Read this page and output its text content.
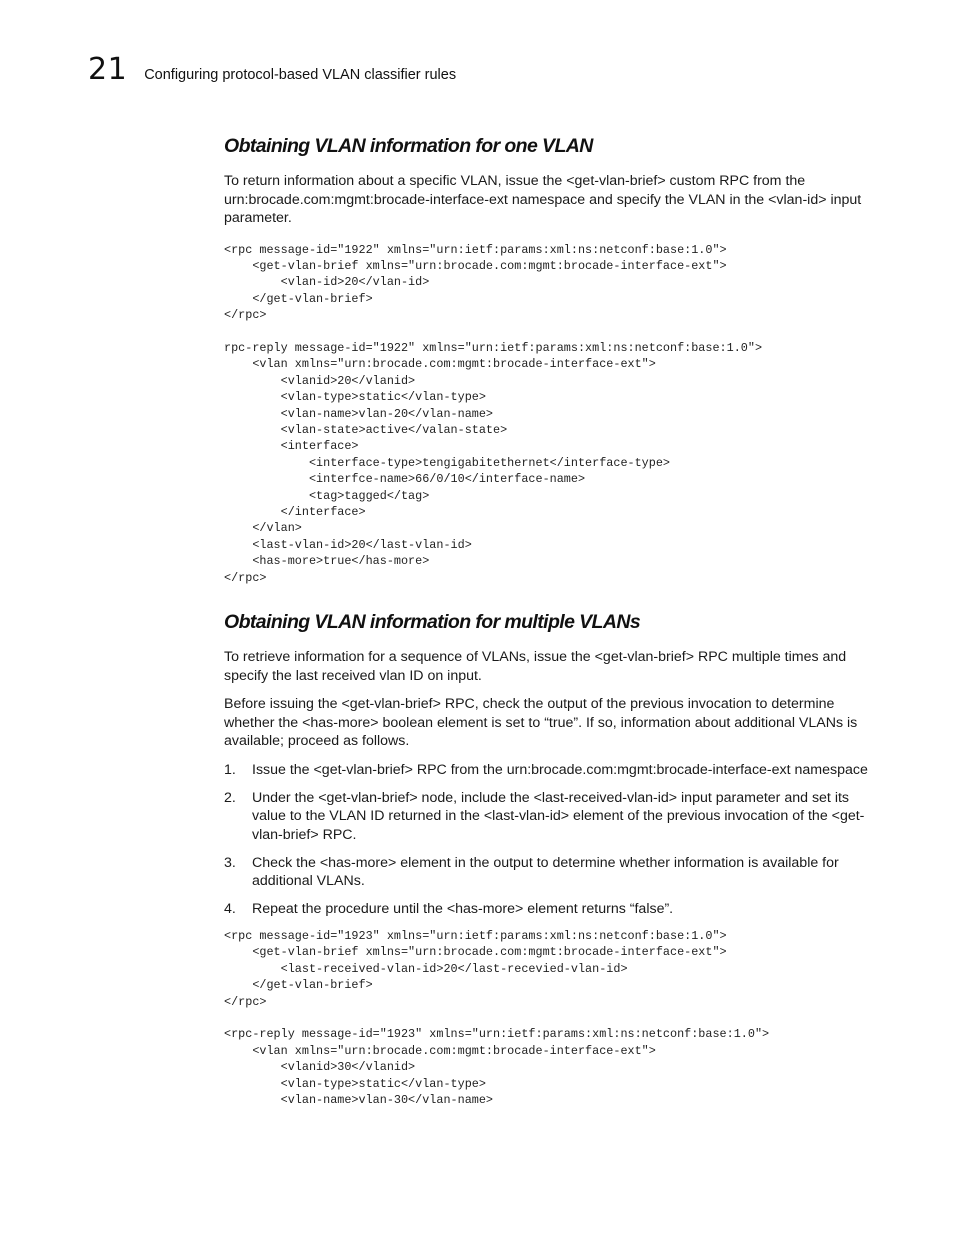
21 Configuring protocol-based VLAN classifier rules
Obtaining VLAN information for one VLAN

To return information about a specific VLAN, issue the <get-vlan-brief> custom RPC from the urn:brocade.com:mgmt:brocade-interface-ext namespace and specify the VLAN in the <vlan-id> input parameter.

<rpc message-id="1922" xmlns="urn:ietf:params:xml:ns:netconf:base:1.0">
<get-vlan-brief xmlns="urn:brocade.com:mgmt:brocade-interface-ext">
<vlan-id>20</vlan-id>
</get-vlan-brief>
</rpc>

rpc-reply message-id="1922" xmlns="urn:ietf:params:xml:ns:netconf:base:1.0">
<vlan xmlns="urn:brocade.com:mgmt:brocade-interface-ext">
<vlanid>20</vlanid>
<vlan-type>static</vlan-type>
<vlan-name>vlan-20</vlan-name>
<vlan-state>active</valan-state>
<interface>
<interface-type>tengigabitethernet</interface-type>
<interfce-name>66/0/10</interface-name>
<tag>tagged</tag>
</interface>
</vlan>
<last-vlan-id>20</last-vlan-id>
<has-more>true</has-more>
</rpc>
Obtaining VLAN information for multiple VLANs

To retrieve information for a sequence of VLANs, issue the <get-vlan-brief> RPC multiple times and specify the last received vlan ID on input.

Before issuing the <get-vlan-brief> RPC, check the output of the previous invocation to determine whether the <has-more> boolean element is set to “true”. If so, information about additional VLANs is available; proceed as follows.

1.	Issue the <get-vlan-brief> RPC from the urn:brocade.com:mgmt:brocade-interface-ext namespace
2.	Under the <get-vlan-brief> node, include the <last-received-vlan-id> input parameter and set its value to the VLAN ID returned in the <last-vlan-id> element of the previous invocation of the <get-vlan-brief> RPC.
3.	Check the <has-more> element in the output to determine whether information is available for additional VLANs.
4.	Repeat the procedure until the <has-more> element returns “false”.
<rpc message-id="1923" xmlns="urn:ietf:params:xml:ns:netconf:base:1.0">
<get-vlan-brief xmlns="urn:brocade.com:mgmt:brocade-interface-ext">
<last-received-vlan-id>20</last-recevied-vlan-id>
</get-vlan-brief>
</rpc>

<rpc-reply message-id="1923" xmlns="urn:ietf:params:xml:ns:netconf:base:1.0">
<vlan xmlns="urn:brocade.com:mgmt:brocade-interface-ext">
<vlanid>30</vlanid>
<vlan-type>static</vlan-type>
<vlan-name>vlan-30</vlan-name>
